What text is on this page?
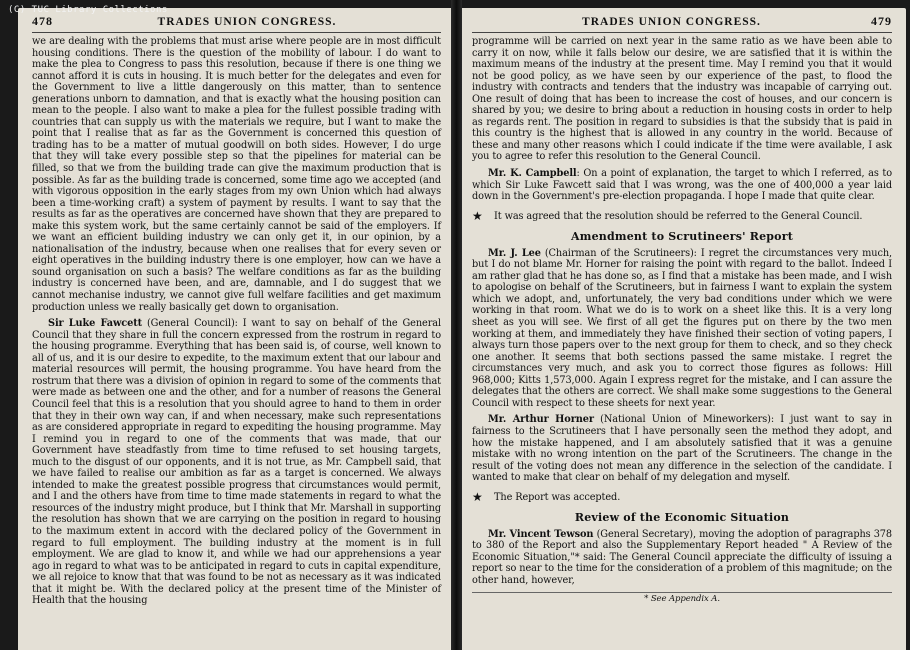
(C) TUC Library Collections
478	TRADES UNION CONGRESS.

we are dealing with the problems that must arise where people are in most difficult housing conditions. There is the question of the mobility of labour. I do want to make the plea to Congress to pass this resolution, because if there is one thing we cannot afford it is cuts in housing. It is much better for the delegates and even for the Government to live a little dangerously on this matter, than to sentence generations unborn to damnation, and that is exactly what the housing position can mean to the people. I also want to make a plea for the fullest possible trading with countries that can supply us with the materials we require, but I want to make the point that I realise that as far as the Government is concerned this question of trading has to be a matter of mutual goodwill on both sides. However, I do urge that they will take every possible step so that the pipelines for material can be filled, so that we from the building trade can give the maximum production that is possible. As far as the building trade is concerned, some time ago we accepted (and with vigorous opposition in the early stages from my own Union which had always been a time-working craft) a system of payment by results. I want to say that the results as far as the operatives are concerned have shown that they are prepared to make this system work, but the same certainly cannot be said of the employers. If we want an efficient building industry we can only get it, in our opinion, by a nationalisation of the industry, because when one realises that for every seven or eight operatives in the building industry there is one employer, how can we have a sound organisation on such a basis? The welfare conditions as far as the building industry is concerned have been, and are, damnable, and I do suggest that we cannot mechanise industry, we cannot give full welfare facilities and get maximum production unless we really basically get down to organisation.

Sir Luke Fawcett (General Council): I want to say on behalf of the General Council that they share in full the concern expressed from the rostrum in regard to the housing programme. Everything that has been said is, of course, well known to all of us, and it is our desire to expedite, to the maximum extent that our labour and material resources will permit, the housing programme. You have heard from the rostrum that there was a division of opinion in regard to some of the comments that were made as between one and the other, and for a number of reasons the General Council feel that this is a resolution that you should agree to hand to them in order that they in their own way can, if and when necessary, make such representations as are considered appropriate in regard to expediting the housing programme. May I remind you in regard to one of the comments that was made, that our Government have steadfastly from time to time refused to set housing targets, much to the disgust of our opponents, and it is not true, as Mr. Campbell said, that we have failed to realise our ambition as far as a target is concerned. We always intended to make the greatest possible progress that circumstances would permit, and I and the others have from time to time made statements in regard to what the resources of the industry might produce, but I think that Mr. Marshall in supporting the resolution has shown that we are carrying on the position in regard to housing to the maximum extent in accord with the declared policy of the Government in regard to full employment. The building industry at the moment is in full employment. We are glad to know it, and while we had our apprehensions a year ago in regard to what was to be anticipated in regard to cuts in capital expenditure, we all rejoice to know that that was found to be not as necessary as it was indicated that it might be. With the declared policy at the present time of the Minister of Health that the housing

TRADES UNION CONGRESS.	479

programme will be carried on next year in the same ratio as we have been able to carry it on now, while it falls below our desire, we are satisfied that it is within the maximum means of the industry at the present time. May I remind you that it would not be good policy, as we have seen by our experience of the past, to flood the industry with contracts and tenders that the industry was incapable of carrying out. One result of doing that has been to increase the cost of houses, and our concern is shared by you; we desire to bring about a reduction in housing costs in order to help as regards rent. The position in regard to subsidies is that the subsidy that is paid in this country is the highest that is allowed in any country in the world. Because of these and many other reasons which I could indicate if the time were available, I ask you to agree to refer this resolution to the General Council.

Mr. K. Campbell: On a point of explanation, the target to which I referred, as to which Sir Luke Fawcett said that I was wrong, was the one of 400,000 a year laid down in the Government's pre-election propaganda. I hope I made that quite clear.

★	It was agreed that the resolution should be referred to the General Council.
Amendment to Scrutineers' Report

Mr. J. Lee (Chairman of the Scrutineers): I regret the circumstances very much, but I do not blame Mr. Horner for raising the point with regard to the ballot. Indeed I am rather glad that he has done so, as I find that a mistake has been made, and I wish to apologise on behalf of the Scrutineers, but in fairness I want to explain the system which we adopt, and, unfortunately, the very bad conditions under which we were working in that room. What we do is to work on a sheet like this. It is a very long sheet as you will see. We first of all get the figures put on there by the two men working at them, and immediately they have finished their section of voting papers, I always turn those papers over to the next group for them to check, and so they check one another. It seems that both sections passed the same mistake. I regret the circumstances very much, and ask you to correct those figures as follows: Hill 968,000; Kitts 1,573,000. Again I express regret for the mistake, and I can assure the delegates that the others are correct. We shall make some suggestions to the General Council with respect to these sheets for next year.

Mr. Arthur Horner (National Union of Mineworkers): I just want to say in fairness to the Scrutineers that I have personally seen the method they adopt, and how the mistake happened, and I am absolutely satisfied that it was a genuine mistake with no wrong intention on the part of the Scrutineers. The change in the result of the voting does not mean any difference in the selection of the candidate. I wanted to make that clear on behalf of my delegation and myself.

★	The Report was accepted.
Review of the Economic Situation

Mr. Vincent Tewson (General Secretary), moving the adoption of paragraphs 378 to 380 of the Report and also the Supplementary Report headed " A Review of the Economic Situation,"* said: The General Council appreciate the difficulty of issuing a report so near to the time for the consideration of a problem of this magnitude; on the other hand, however,

* See Appendix A.
